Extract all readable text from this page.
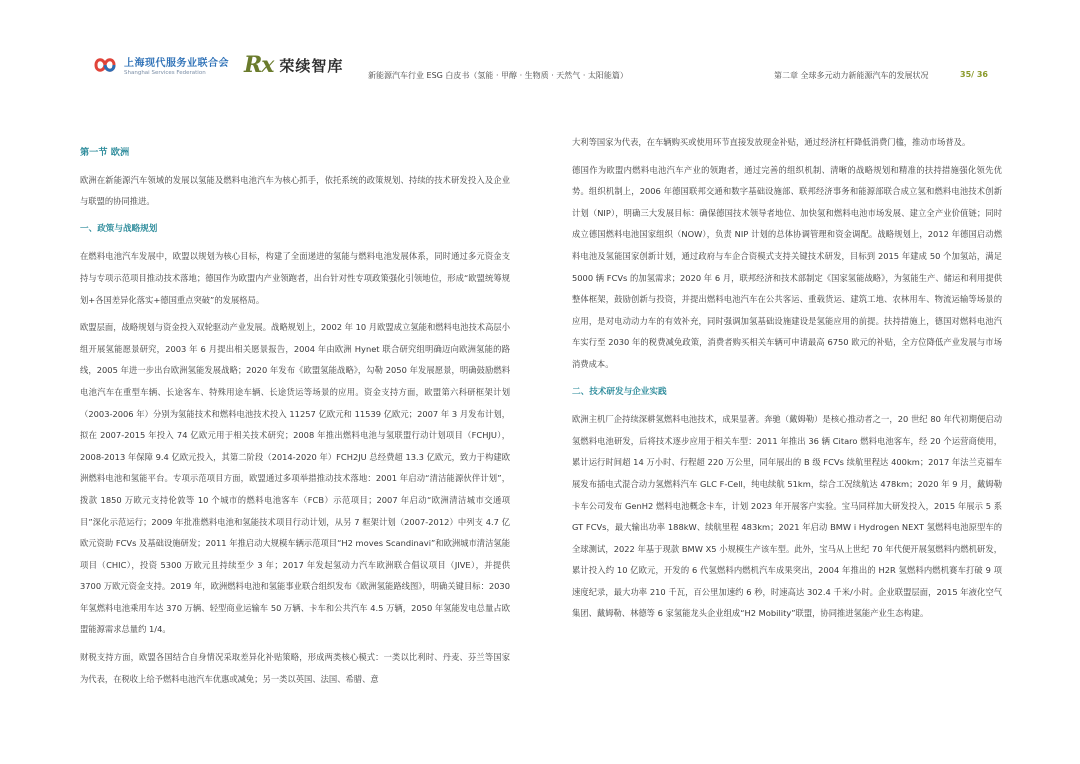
上海现代服务业联合会
Shanghai Services Federation	Rx 荣续智库
新能源汽车行业 ESG 白皮书（氢能 · 甲醇 · 生物质 · 天然气 · 太阳能篇）	第二章 全球多元动力新能源汽车的发展状况	35/ 36
第一节 欧洲

欧洲在新能源汽车领域的发展以氢能及燃料电池汽车为核心抓手，依托系统的政策规划、持续的技术研发投入及企业与联盟的协同推进。

一、政策与战略规划

在燃料电池汽车发展中，欧盟以规划为核心目标，构建了全面递进的氢能与燃料电池发展体系，同时通过多元资金支持与专项示范项目推动技术落地；德国作为欧盟内产业领跑者，出台针对性专项政策强化引领地位，形成“欧盟统筹规划+各国差异化落实+德国重点突破”的发展格局。

欧盟层面，战略规划与资金投入双轮驱动产业发展。战略规划上，2002 年 10 月欧盟成立氢能和燃料电池技术高层小组开展氢能愿景研究，2003 年 6 月提出相关愿景报告，2004 年由欧洲 Hynet 联合研究组明确迈向欧洲氢能的路线，2005 年进一步出台欧洲氢能发展战略；2020 年发布《欧盟氢能战略》，勾勒 2050 年发展愿景，明确鼓励燃料电池汽车在重型车辆、长途客车、特殊用途车辆、长途货运等场景的应用。资金支持方面，欧盟第六科研框架计划（2003-2006 年）分别为氢能技术和燃料电池技术投入 11257 亿欧元和 11539 亿欧元；2007 年 3 月发布计划，拟在 2007-2015 年投入 74 亿欧元用于相关技术研究；2008 年推出燃料电池与氢联盟行动计划项目（FCHJU），2008-2013 年保障 9.4 亿欧元投入，其第二阶段（2014-2020 年）FCH2JU 总经费超 13.3 亿欧元，致力于构建欧洲燃料电池和氢能平台。专项示范项目方面，欧盟通过多项举措推动技术落地：2001 年启动“清洁能源伙伴计划”，拨款 1850 万欧元支持伦敦等 10 个城市的燃料电池客车（FCB）示范项目；2007 年启动“欧洲清洁城市交通项目”深化示范运行；2009 年批准燃料电池和氢能技术项目行动计划，从另 7 框架计划（2007-2012）中列支 4.7 亿欧元资助 FCVs 及基础设施研发；2011 年推启动大规模车辆示范项目“H2 moves Scandinavi”和欧洲城市清洁氢能项目（CHIC），投资 5300 万欧元且持续至少 3 年；2017 年发起氢动力汽车欧洲联合倡议项目（JIVE），并提供 3700 万欧元资金支持。2019 年，欧洲燃料电池和氢能事业联合组织发布《欧洲氢能路线图》，明确关键目标：2030 年氢燃料电池乘用车达 370 万辆、轻型商业运输车 50 万辆、卡车和公共汽车 4.5 万辆，2050 年氢能发电总量占欧盟能源需求总量约 1/4。

财税支持方面，欧盟各国结合自身情况采取差异化补贴策略，形成两类核心模式：一类以比利时、丹麦、芬兰等国家为代表，在税收上给予燃料电池汽车优惠或减免；另一类以英国、法国、希腊、意

大利等国家为代表，在车辆购买或使用环节直接发放现金补贴，通过经济杠杆降低消费门槛，推动市场普及。

德国作为欧盟内燃料电池汽车产业的领跑者，通过完善的组织机制、清晰的战略规划和精准的扶持措施强化领先优势。组织机制上，2006 年德国联邦交通和数字基础设施部、联邦经济事务和能源部联合成立氢和燃料电池技术创新计划（NIP），明确三大发展目标：确保德国技术领导者地位、加快氢和燃料电池市场发展、建立全产业价值链；同时成立德国燃料电池国家组织（NOW），负责 NIP 计划的总体协调管理和资金调配。战略规划上，2012 年德国启动燃料电池及氢能国家创新计划，通过政府与车企合资模式支持关键技术研发，目标到 2015 年建成 50 个加氢站，满足 5000 辆 FCVs 的加氢需求；2020 年 6 月，联邦经济和技术部制定《国家氢能战略》，为氢能生产、储运和利用提供整体框架，鼓励创新与投资，并提出燃料电池汽车在公共客运、重载货运、建筑工地、农林用车、物流运输等场景的应用，是对电动动力车的有效补充，同时强调加氢基础设施建设是氢能应用的前提。扶持措施上，德国对燃料电池汽车实行至 2030 年的税费减免政策，消费者购买相关车辆可申请最高 6750 欧元的补贴，全方位降低产业发展与市场消费成本。

二、技术研发与企业实践

欧洲主机厂企持续深耕氢燃料电池技术，成果显著。奔驰（戴姆勒）是核心推动者之一，20 世纪 80 年代初期便启动氢燃料电池研发，后将技术逐步应用于相关车型：2011 年推出 36 辆 Citaro 燃料电池客车，经 20 个运营商使用，累计运行时间超 14 万小时、行程超 220 万公里，同年展出的 B 级 FCVs 续航里程达 400km；2017 年法兰克福车展发布插电式混合动力氢燃料汽车 GLC F-Cell，纯电续航 51km，综合工况续航达 478km；2020 年 9 月，戴姆勒卡车公司发布 GenH2 燃料电池概念卡车，计划 2023 年开展客户实验。宝马同样加大研发投入，2015 年展示 5 系 GT FCVs，最大输出功率 188kW、续航里程 483km；2021 年启动 BMW i Hydrogen NEXT 氢燃料电池原型车的全球测试，2022 年基于现款 BMW X5 小规模生产该车型。此外，宝马从上世纪 70 年代便开展氢燃料内燃机研发，累计投入约 10 亿欧元，开发的 6 代氢燃料内燃机汽车成果突出，2004 年推出的 H2R 氢燃料内燃机赛车打破 9 项速度纪录，最大功率 210 千瓦，百公里加速约 6 秒，时速高达 302.4 千米/小时。企业联盟层面，2015 年液化空气集团、戴姆勒、林德等 6 家氢能龙头企业组成“H2 Mobility”联盟，协同推进氢能产业生态构建。
